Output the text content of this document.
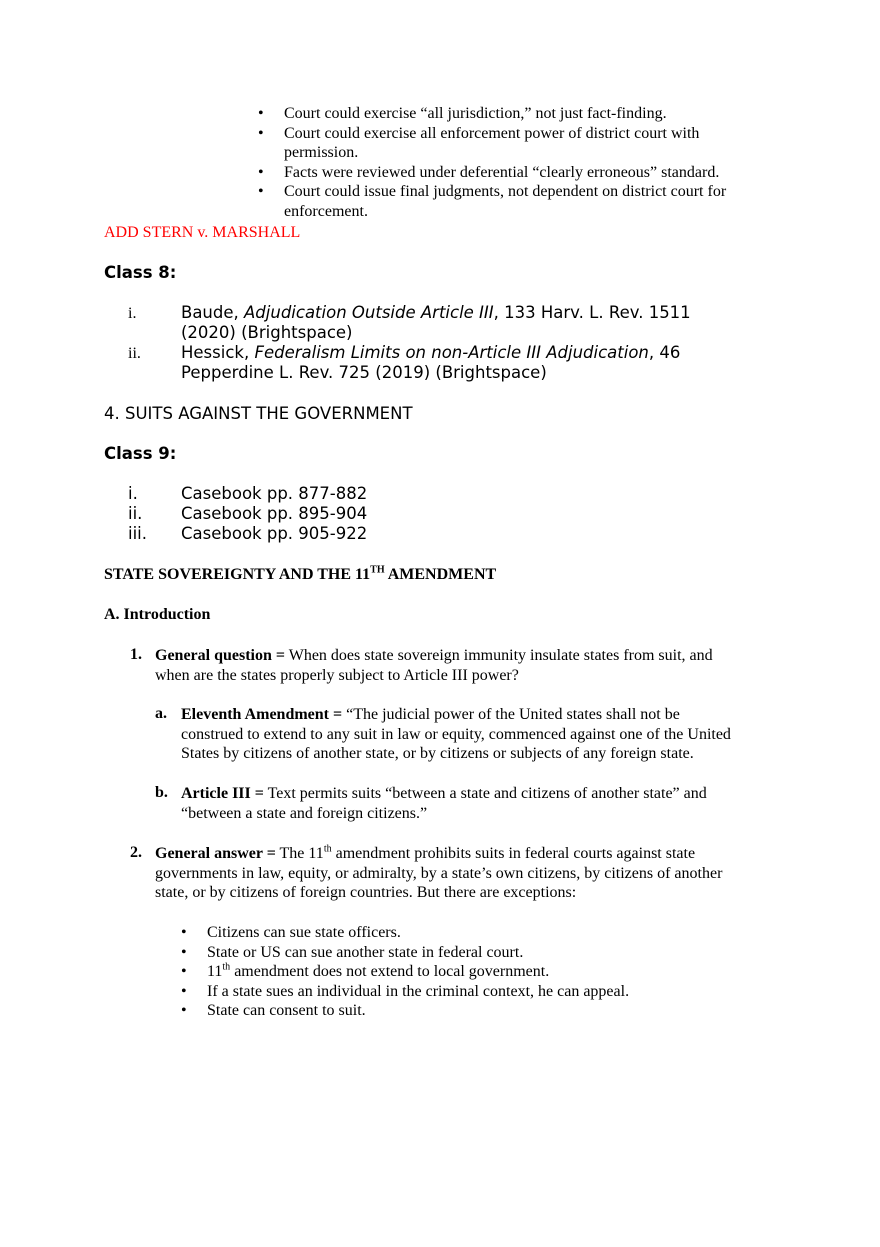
• Court could exercise “all jurisdiction,” not just fact-finding.
• Court could exercise all enforcement power of district court with
permission.
• Facts were reviewed under deferential “clearly erroneous” standard.
• Court could issue final judgments, not dependent on district court for
enforcement.
ADD STERN v. MARSHALL
Class 8:
i.	Baude, Adjudication Outside Article III, 133 Harv. L. Rev. 1511
(2020) (Brightspace)
ii. Hessick, Federalism Limits on non-Article III Adjudication, 46
Pepperdine L. Rev. 725 (2019) (Brightspace)
4. SUITS AGAINST THE GOVERNMENT
Class 9:
i.	Casebook pp. 877-882
ii. Casebook pp. 895-904
iii. Casebook pp. 905-922
STATE SOVEREIGNTY AND THE 11TH AMENDMENT
A. Introduction
1. General question = When does state sovereign immunity insulate states from suit, and
when are the states properly subject to Article III power?
a. Eleventh Amendment = “The judicial power of the United states shall not be
construed to extend to any suit in law or equity, commenced against one of the United
States by citizens of another state, or by citizens or subjects of any foreign state.
b. Article III = Text permits suits “between a state and citizens of another state” and
“between a state and foreign citizens.”
2. General answer = The 11th amendment prohibits suits in federal courts against state
governments in law, equity, or admiralty, by a state’s own citizens, by citizens of another
state, or by citizens of foreign countries. But there are exceptions:
• Citizens can sue state officers.
• State or US can sue another state in federal court.
• 11th amendment does not extend to local government.
• If a state sues an individual in the criminal context, he can appeal.
• State can consent to suit.
